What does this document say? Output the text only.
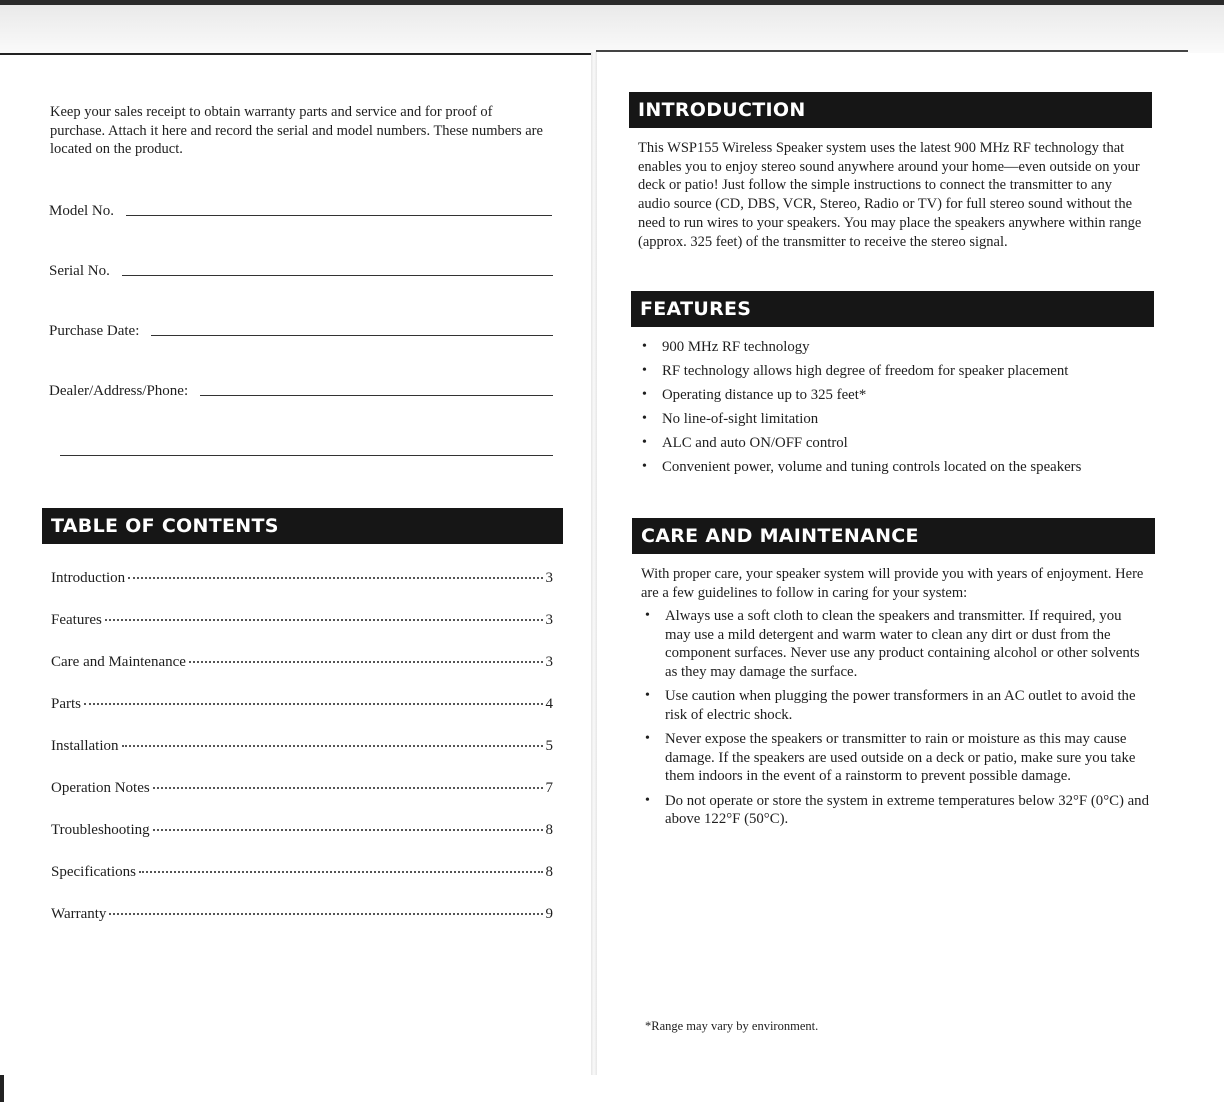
Keep your sales receipt to obtain warranty parts and service and for proof of purchase. Attach it here and record the serial and model numbers. These numbers are located on the product.

Model No.
Serial No.
Purchase Date:
Dealer/Address/Phone:
TABLE OF CONTENTS
Introduction	3
Features	3
Care and Maintenance	3
Parts	4
Installation	5
Operation Notes	7
Troubleshooting	8
Specifications	8
Warranty	9
INTRODUCTION

This WSP155 Wireless Speaker system uses the latest 900 MHz RF technology that enables you to enjoy stereo sound anywhere around your home—even outside on your deck or patio! Just follow the simple instructions to connect the transmitter to any audio source (CD, DBS, VCR, Stereo, Radio or TV) for full stereo sound without the need to run wires to your speakers. You may place the speakers anywhere within range (approx. 325 feet) of the transmitter to receive the stereo signal.

FEATURES
• 900 MHz RF technology
• RF technology allows high degree of freedom for speaker placement
• Operating distance up to 325 feet*
• No line-of-sight limitation
• ALC and auto ON/OFF control
• Convenient power, volume and tuning controls located on the speakers
CARE AND MAINTENANCE

With proper care, your speaker system will provide you with years of enjoyment. Here are a few guidelines to follow in caring for your system:

• Always use a soft cloth to clean the speakers and transmitter. If required, you may use a mild detergent and warm water to clean any dirt or dust from the component surfaces. Never use any product containing alcohol or other solvents as they may damage the surface.
• Use caution when plugging the power transformers in an AC outlet to avoid the risk of electric shock.
• Never expose the speakers or transmitter to rain or moisture as this may cause damage. If the speakers are used outside on a deck or patio, make sure you take them indoors in the event of a rainstorm to prevent possible damage.
• Do not operate or store the system in extreme temperatures below 32°F (0°C) and above 122°F (50°C).
*Range may vary by environment.
